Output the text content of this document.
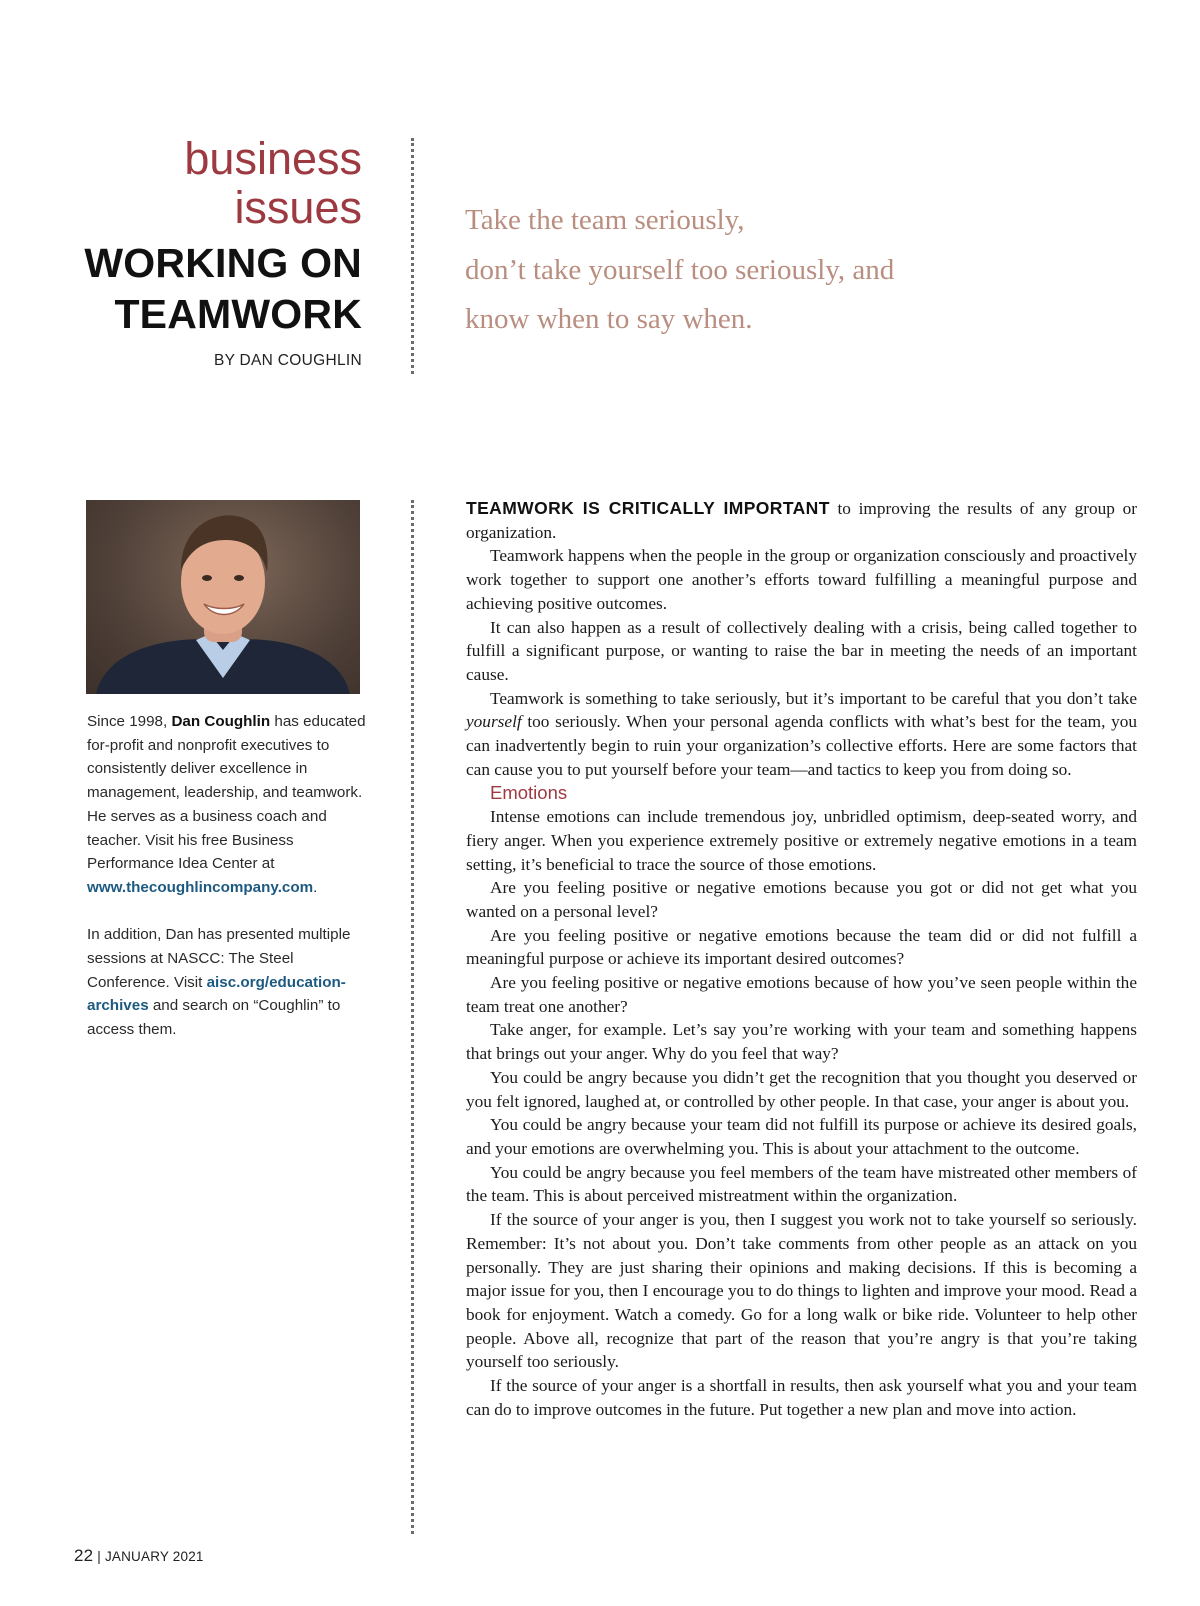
business
issues
WORKING ON
TEAMWORK
BY DAN COUGHLIN
Take the team seriously,
don’t take yourself too seriously, and
know when to say when.

Since 1998, Dan Coughlin has educated for-profit and nonprofit executives to consistently deliver excellence in management, leadership, and teamwork. He serves as a business coach and teacher. Visit his free Business Performance Idea Center at www.thecoughlincompany.com.

In addition, Dan has presented multiple sessions at NASCC: The Steel Conference. Visit aisc.org/education-archives and search on “Coughlin” to access them.

TEAMWORK IS CRITICALLY IMPORTANT to improving the results of any group or organization.

Teamwork happens when the people in the group or organization consciously and proactively work together to support one another’s efforts toward fulfilling a meaningful purpose and achieving positive outcomes.

It can also happen as a result of collectively dealing with a crisis, being called together to fulfill a significant purpose, or wanting to raise the bar in meeting the needs of an important cause.

Teamwork is something to take seriously, but it’s important to be careful that you don’t take yourself too seriously. When your personal agenda conflicts with what’s best for the team, you can inadvertently begin to ruin your organization’s collective efforts. Here are some factors that can cause you to put yourself before your team—and tactics to keep you from doing so.

Emotions

Intense emotions can include tremendous joy, unbridled optimism, deep-seated worry, and fiery anger. When you experience extremely positive or extremely negative emotions in a team setting, it’s beneficial to trace the source of those emotions.

Are you feeling positive or negative emotions because you got or did not get what you wanted on a personal level?

Are you feeling positive or negative emotions because the team did or did not fulfill a meaningful purpose or achieve its important desired outcomes?

Are you feeling positive or negative emotions because of how you’ve seen people within the team treat one another?

Take anger, for example. Let’s say you’re working with your team and something happens that brings out your anger. Why do you feel that way?

You could be angry because you didn’t get the recognition that you thought you deserved or you felt ignored, laughed at, or controlled by other people. In that case, your anger is about you.

You could be angry because your team did not fulfill its purpose or achieve its desired goals, and your emotions are overwhelming you. This is about your attachment to the outcome.

You could be angry because you feel members of the team have mistreated other members of the team. This is about perceived mistreatment within the organization.

If the source of your anger is you, then I suggest you work not to take yourself so seriously. Remember: It’s not about you. Don’t take comments from other people as an attack on you personally. They are just sharing their opinions and making decisions. If this is becoming a major issue for you, then I encourage you to do things to lighten and improve your mood. Read a book for enjoyment. Watch a comedy. Go for a long walk or bike ride. Volunteer to help other people. Above all, recognize that part of the reason that you’re angry is that you’re taking yourself too seriously.

If the source of your anger is a shortfall in results, then ask yourself what you and your team can do to improve outcomes in the future. Put together a new plan and move into action.

22 | JANUARY 2021
